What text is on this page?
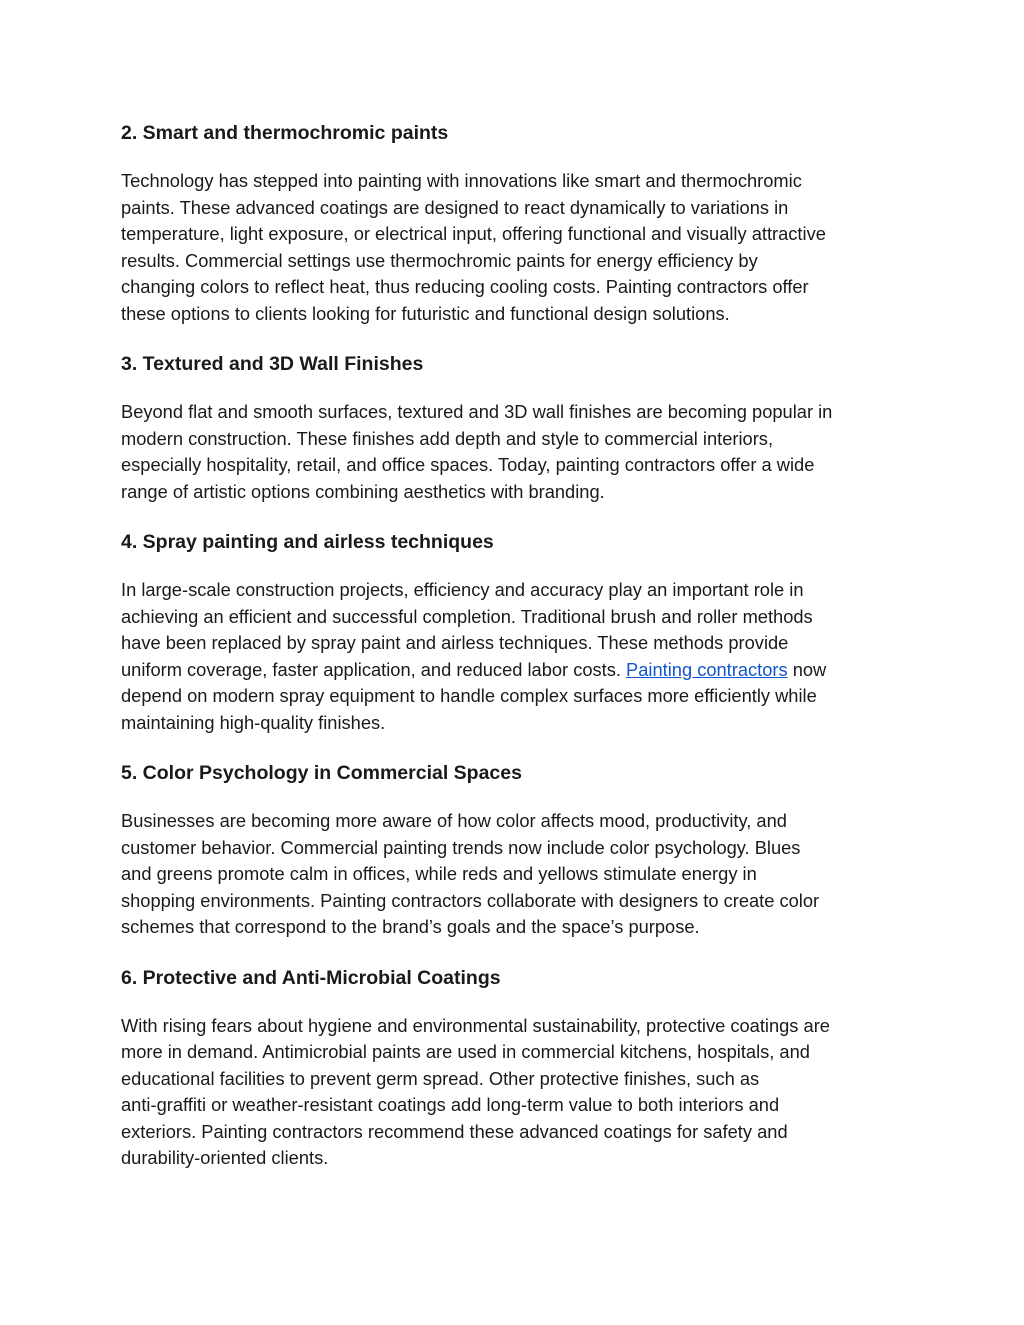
2. Smart and thermochromic paints

Technology has stepped into painting with innovations like smart and thermochromic
paints. These advanced coatings are designed to react dynamically to variations in
temperature, light exposure, or electrical input, offering functional and visually attractive
results. Commercial settings use thermochromic paints for energy efficiency by
changing colors to reflect heat, thus reducing cooling costs. Painting contractors offer
these options to clients looking for futuristic and functional design solutions.

3. Textured and 3D Wall Finishes

Beyond flat and smooth surfaces, textured and 3D wall finishes are becoming popular in
modern construction. These finishes add depth and style to commercial interiors,
especially hospitality, retail, and office spaces. Today, painting contractors offer a wide
range of artistic options combining aesthetics with branding.

4. Spray painting and airless techniques

In large-scale construction projects, efficiency and accuracy play an important role in
achieving an efficient and successful completion. Traditional brush and roller methods
have been replaced by spray paint and airless techniques. These methods provide
uniform coverage, faster application, and reduced labor costs. Painting contractors now
depend on modern spray equipment to handle complex surfaces more efficiently while
maintaining high-quality finishes.

5. Color Psychology in Commercial Spaces

Businesses are becoming more aware of how color affects mood, productivity, and
customer behavior. Commercial painting trends now include color psychology. Blues
and greens promote calm in offices, while reds and yellows stimulate energy in
shopping environments. Painting contractors collaborate with designers to create color
schemes that correspond to the brand’s goals and the space’s purpose.

6. Protective and Anti-Microbial Coatings

With rising fears about hygiene and environmental sustainability, protective coatings are
more in demand. Antimicrobial paints are used in commercial kitchens, hospitals, and
educational facilities to prevent germ spread. Other protective finishes, such as
anti-graffiti or weather-resistant coatings add long-term value to both interiors and
exteriors. Painting contractors recommend these advanced coatings for safety and
durability-oriented clients.
